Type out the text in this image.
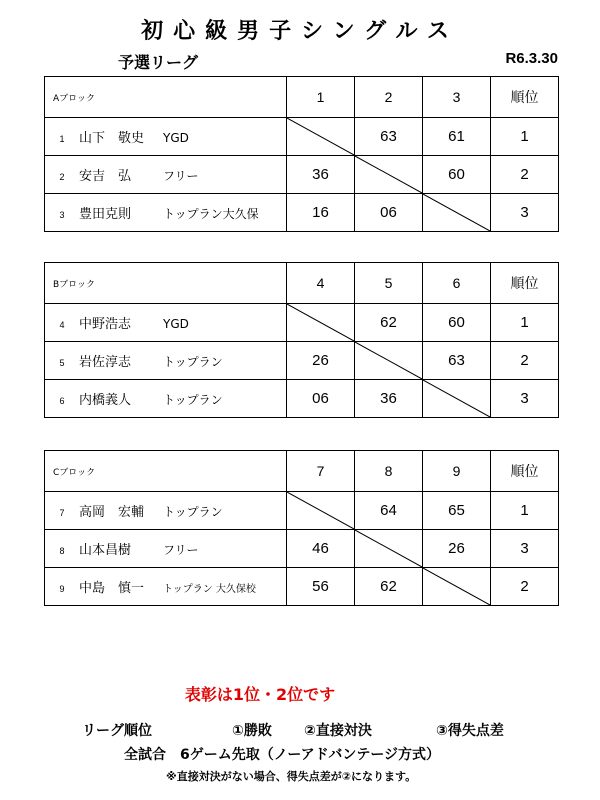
初心級男子シングルス
予選リーグ	R6.3.30
Aブロック	1	2	3	順位
1 山下　敬史 YGD		63	61	1
2 安吉　弘 フリー	36		60	2
3 豊田克則 トップラン大久保	16	06		3
Bブロック	4	5	6	順位
4 中野浩志 YGD		62	60	1
5 岩佐淳志 トップラン	26		63	2
6 内橋義人 トップラン	06	36		3
Cブロック	7	8	9	順位
7 高岡　宏輔 トップラン		64	65	1
8 山本昌樹 フリー	46		26	3
9 中島　慎一 トップラン 大久保校	56	62		2
表彰は1位・2位です
リーグ順位	①勝敗 ②直接対決	③得失点差
全試合　6ゲーム先取（ノーアドバンテージ方式）
※直接対決がない場合、得失点差が②になります。
